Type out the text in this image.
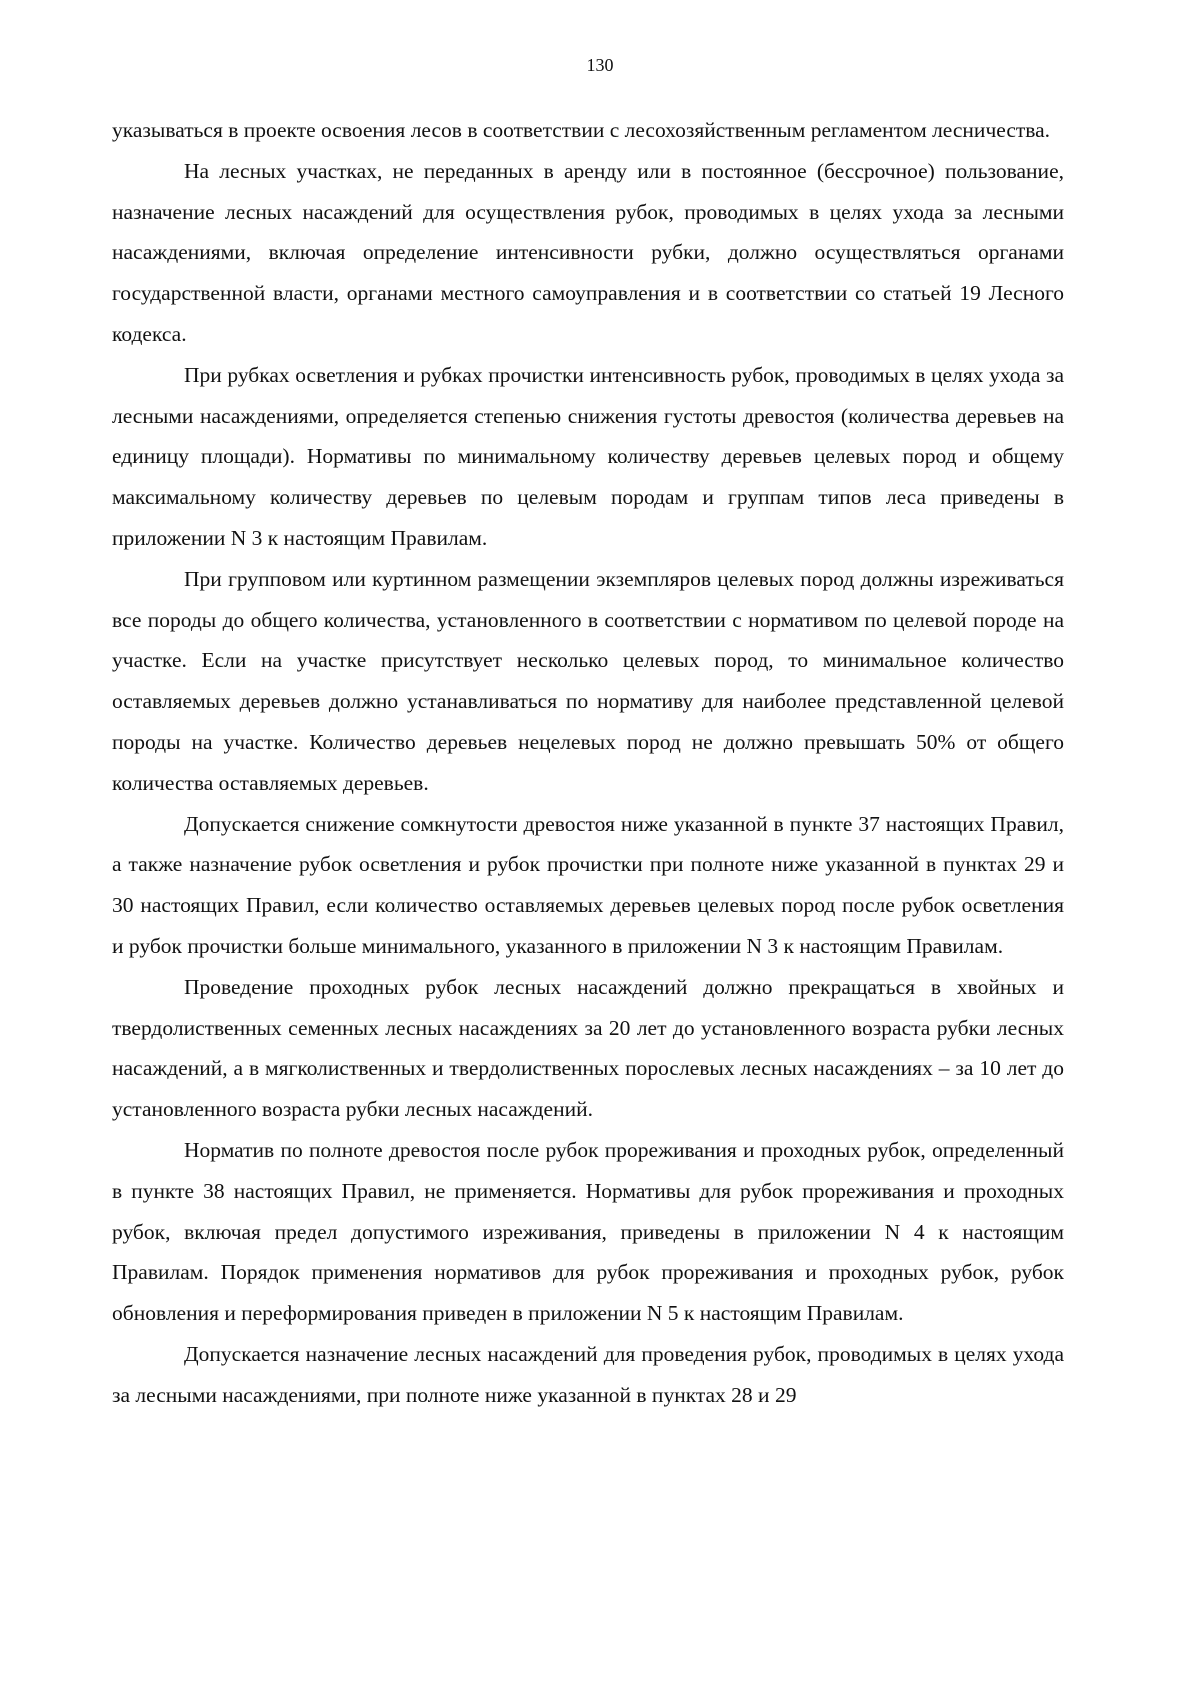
130

указываться в проекте освоения лесов в соответствии с лесохозяйственным регламентом лесничества.

На лесных участках, не переданных в аренду или в постоянное (бессрочное) пользование, назначение лесных насаждений для осуществления рубок, проводимых в целях ухода за лесными насаждениями, включая определение интенсивности рубки, должно осуществляться органами государственной власти, органами местного самоуправления и в соответствии со статьей 19 Лесного кодекса.

При рубках осветления и рубках прочистки интенсивность рубок, проводимых в целях ухода за лесными насаждениями, определяется степенью снижения густоты древостоя (количества деревьев на единицу площади). Нормативы по минимальному количеству деревьев целевых пород и общему максимальному количеству деревьев по целевым породам и группам типов леса приведены в приложении N 3 к настоящим Правилам.

При групповом или куртинном размещении экземпляров целевых пород должны изреживаться все породы до общего количества, установленного в соответствии с нормативом по целевой породе на участке. Если на участке присутствует несколько целевых пород, то минимальное количество оставляемых деревьев должно устанавливаться по нормативу для наиболее представленной целевой породы на участке. Количество деревьев нецелевых пород не должно превышать 50% от общего количества оставляемых деревьев.

Допускается снижение сомкнутости древостоя ниже указанной в пункте 37 настоящих Правил, а также назначение рубок осветления и рубок прочистки при полноте ниже указанной в пунктах 29 и 30 настоящих Правил, если количество оставляемых деревьев целевых пород после рубок осветления и рубок прочистки больше минимального, указанного в приложении N 3 к настоящим Правилам.

Проведение проходных рубок лесных насаждений должно прекращаться в хвойных и твердолиственных семенных лесных насаждениях за 20 лет до установленного возраста рубки лесных насаждений, а в мягколиственных и твердолиственных порослевых лесных насаждениях – за 10 лет до установленного возраста рубки лесных насаждений.

Норматив по полноте древостоя после рубок прореживания и проходных рубок, определенный в пункте 38 настоящих Правил, не применяется. Нормативы для рубок прореживания и проходных рубок, включая предел допустимого изреживания, приведены в приложении N 4 к настоящим Правилам. Порядок применения нормативов для рубок прореживания и проходных рубок, рубок обновления и переформирования приведен в приложении N 5 к настоящим Правилам.

Допускается назначение лесных насаждений для проведения рубок, проводимых в целях ухода за лесными насаждениями, при полноте ниже указанной в пунктах 28 и 29
